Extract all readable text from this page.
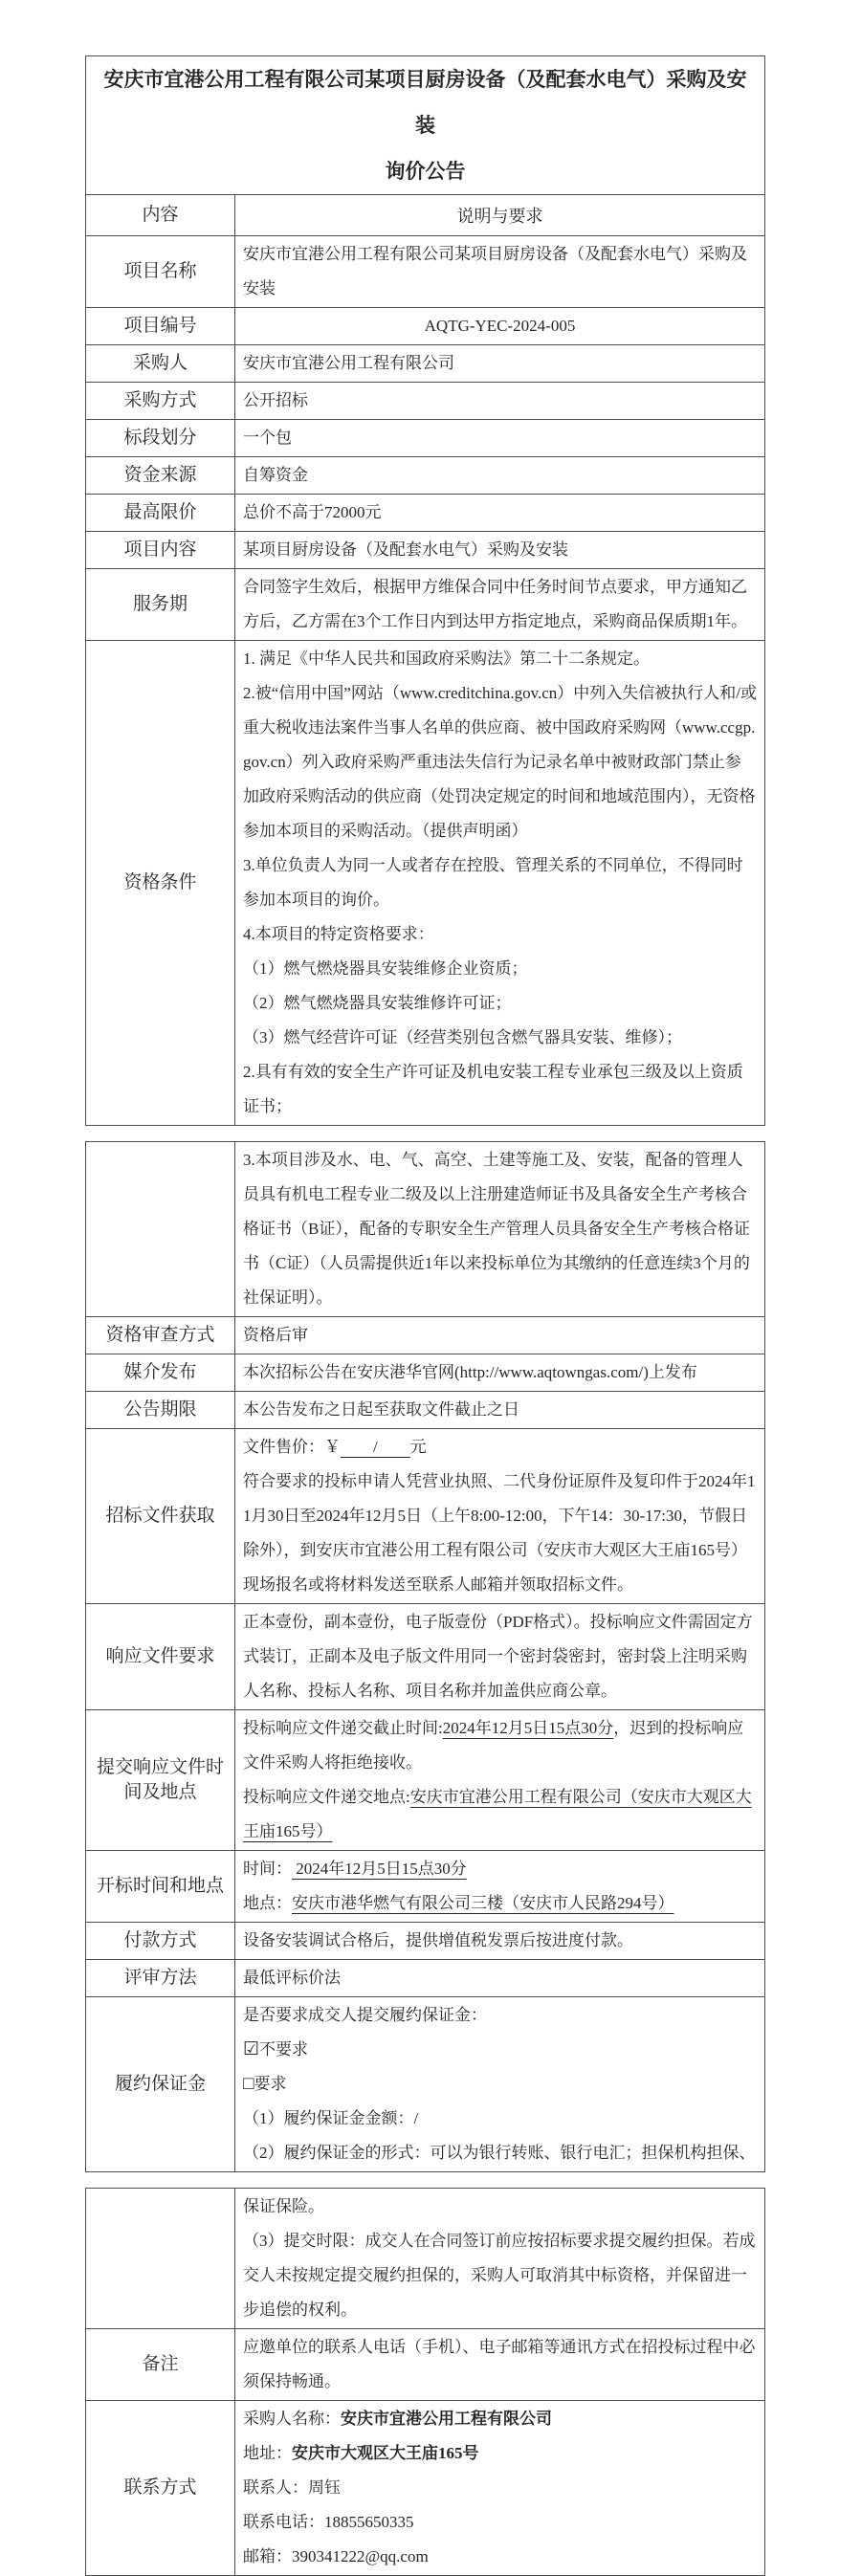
安庆市宜港公用工程有限公司某项目厨房设备（及配套水电气）采购及安装
询价公告	

内容	说明与要求
项目名称	安庆市宜港公用工程有限公司某项目厨房设备（及配套水电气）采购及安装

项目编号	AQTG-YEC-2024-005

采购人	安庆市宜港公用工程有限公司

采购方式	公开招标

标段划分	一个包

资金来源	自筹资金

最高限价	总价不高于72000元

项目内容	某项目厨房设备（及配套水电气）采购及安装

服务期	合同签字生效后，根据甲方维保合同中任务时间节点要求，甲方通知乙方后，乙方需在3个工作日内到达甲方指定地点，采购商品保质期1年。

资格条件	
1. 满足《中华人民共和国政府采购法》第二十二条规定。
2.被“信用中国”网站（www.creditchina.gov.cn）中列入失信被执行人和/或重大税收违法案件当事人名单的供应商、被中国政府采购网（www.ccgp.gov.cn）列入政府采购严重违法失信行为记录名单中被财政部门禁止参加政府采购活动的供应商（处罚决定规定的时间和地域范围内），无资格参加本项目的采购活动。（提供声明函）
3.单位负责人为同一人或者存在控股、管理关系的不同单位，不得同时参加本项目的询价。
4.本项目的特定资格要求：
（1）燃气燃烧器具安装维修企业资质；
（2）燃气燃烧器具安装维修许可证；
（3）燃气经营许可证（经营类别包含燃气器具安装、维修）；
2.具有有效的安全生产许可证及机电安装工程专业承包三级及以上资质证书；

	3.本项目涉及水、电、气、高空、土建等施工及、安装，配备的管理人员具有机电工程专业二级及以上注册建造师证书及具备安全生产考核合格证书（B证），配备的专职安全生产管理人员具备安全生产考核合格证书（C证）（人员需提供近1年以来投标单位为其缴纳的任意连续3个月的社保证明）。

资格审查方式	资格后审

媒介发布	本次招标公告在安庆港华官网(http://www.aqtowngas.com/)上发布

公告期限	本公告发布之日起至获取文件截止之日

招标文件获取	文件售价：￥　　/　　元
符合要求的投标申请人凭营业执照、二代身份证原件及复印件于2024年11月30日至2024年12月5日（上午8:00-12:00，下午14：30-17:30，节假日除外），到安庆市宜港公用工程有限公司（安庆市大观区大王庙165号）现场报名或将材料发送至联系人邮箱并领取招标文件。

响应文件要求	正本壹份，副本壹份，电子版壹份（PDF格式）。投标响应文件需固定方式装订，正副本及电子版文件用同一个密封袋密封，密封袋上注明采购人名称、投标人名称、项目名称并加盖供应商公章。

提交响应文件时间及地点	投标响应文件递交截止时间:2024年12月5日15点30分，迟到的投标响应文件采购人将拒绝接收。
投标响应文件递交地点:安庆市宜港公用工程有限公司（安庆市大观区大王庙165号）

开标时间和地点	时间： 2024年12月5日15点30分
地点：安庆市港华燃气有限公司三楼（安庆市人民路294号）

付款方式	设备安装调试合格后，提供增值税发票后按进度付款。

评审方法	最低评标价法

履约保证金	是否要求成交人提交履约保证金：
☑不要求
□要求
（1）履约保证金金额：/
（2）履约保证金的形式：可以为银行转账、银行电汇；担保机构担保、

	保证保险。
（3）提交时限：成交人在合同签订前应按招标要求提交履约担保。若成交人未按规定提交履约担保的，采购人可取消其中标资格，并保留进一步追偿的权利。

备注	应邀单位的联系人电话（手机）、电子邮箱等通讯方式在招投标过程中必须保持畅通。

联系方式	采购人名称：安庆市宜港公用工程有限公司
地址：安庆市大观区大王庙165号
联系人：周钰
联系电话：18855650335
邮箱：390341222@qq.com
